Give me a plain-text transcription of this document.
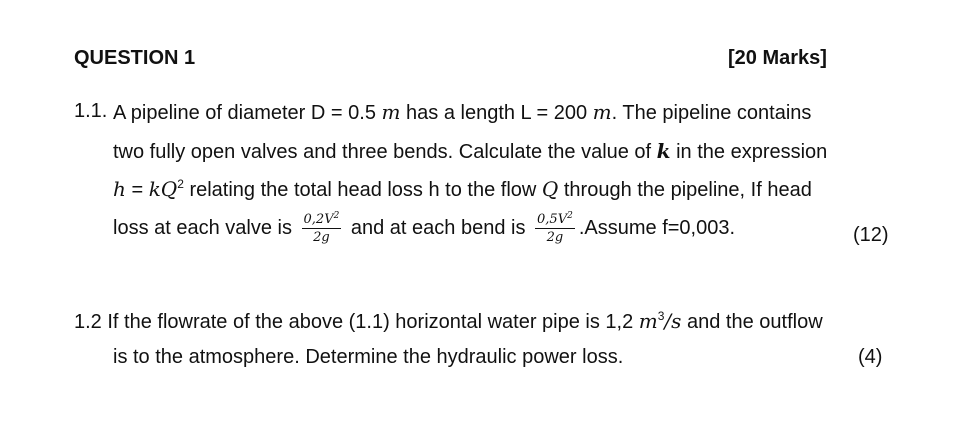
QUESTION 1	[20 Marks]
1.1. A pipeline of diameter D = 0.5 m has a length L = 200 m. The pipeline contains
two fully open valves and three bends. Calculate the value of k in the expression
$h = kQ^2$ relating the total head loss h to the flow Q through the pipeline, If head
loss at each valve is $\frac{0,2V^2}{2g}$ and at each bend is $\frac{0,5V^2}{2g}$ .Assume f=0,003.	(12)
1.2 If the flowrate of the above (1.1) horizontal water pipe is 1,2 $m^3/s$ and the outflow
is to the atmosphere. Determine the hydraulic power loss.	(4)
